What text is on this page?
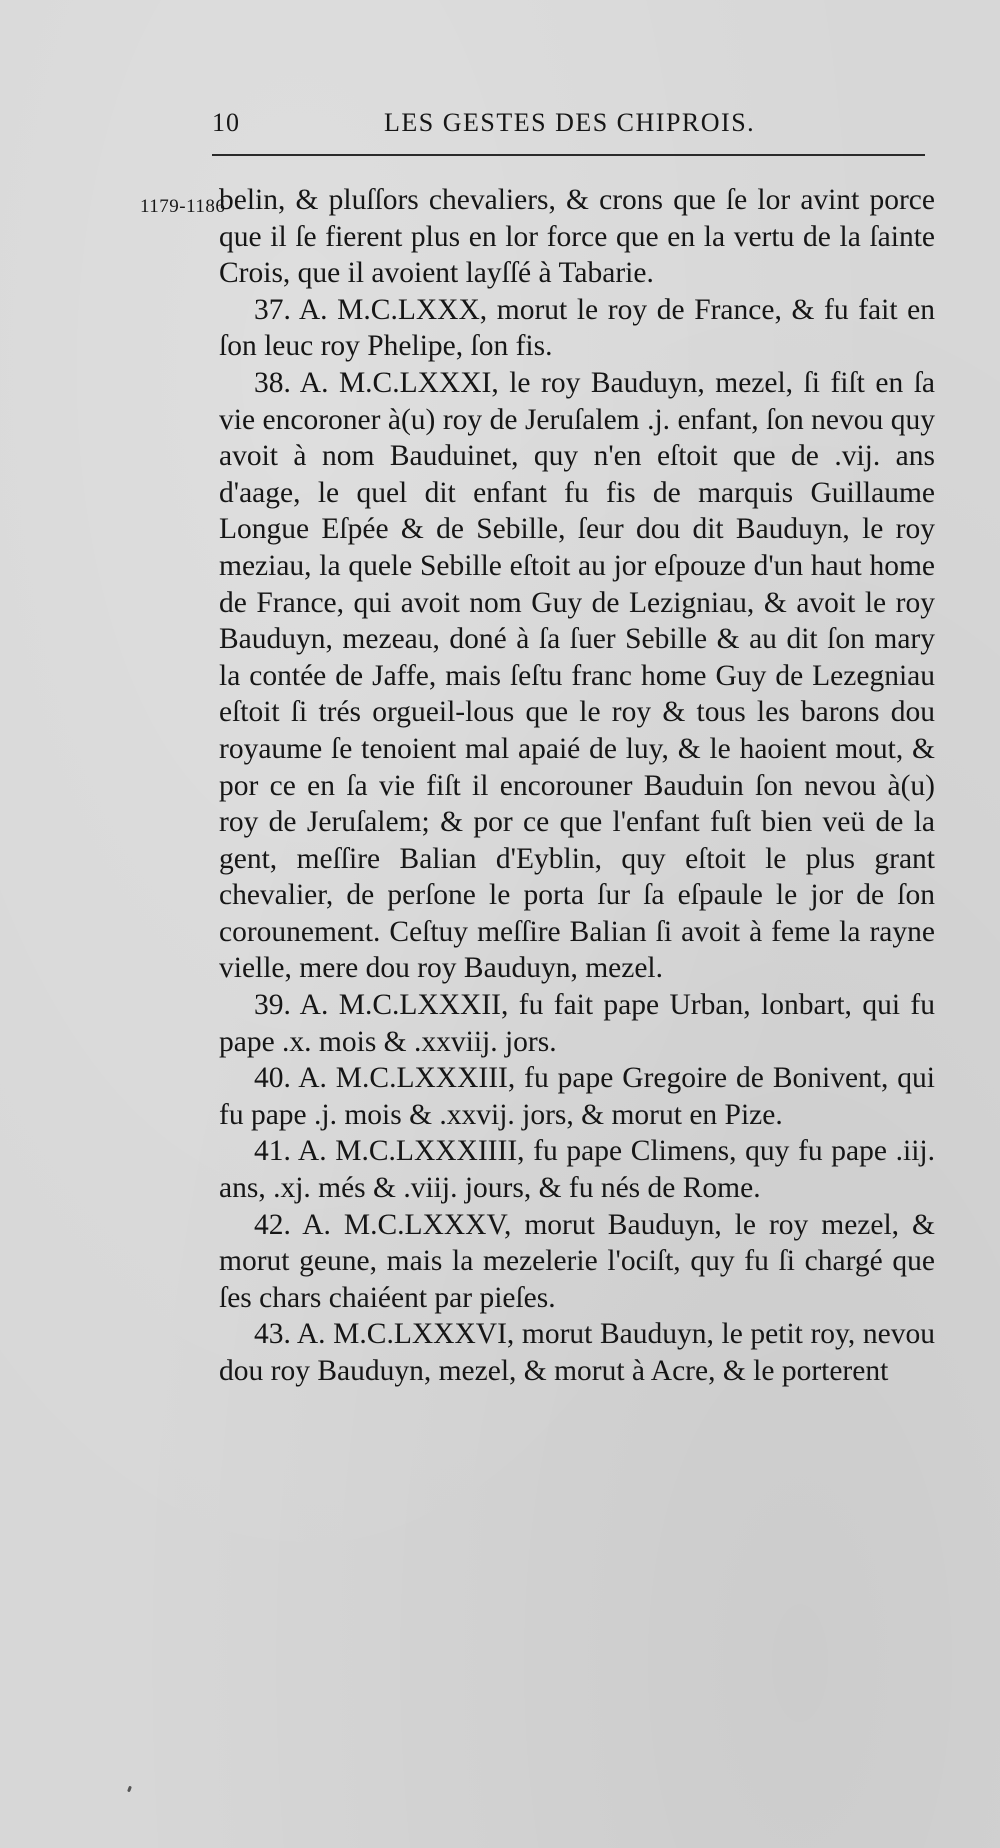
10	LES GESTES DES CHIPROIS.
1179-1186

belin, & pluſſors chevaliers, & crons que ſe lor avint porce que il ſe fierent plus en lor force que en la vertu de la ſainte Crois, que il avoient layſſé à Tabarie.

37. A. M.C.LXXX, morut le roy de France, & fu fait en ſon leuc roy Phelipe, ſon fis.

38. A. M.C.LXXXI, le roy Bauduyn, mezel, ſi fiſt en ſa vie encoroner à(u) roy de Jeruſalem .j. enfant, ſon nevou quy avoit à nom Bauduinet, quy n'en eſtoit que de .vij. ans d'aage, le quel dit enfant fu fis de marquis Guillaume Longue Eſpée & de Sebille, ſeur dou dit Bauduyn, le roy meziau, la quele Sebille eſtoit au jor eſpouze d'un haut home de France, qui avoit nom Guy de Lezigniau, & avoit le roy Bauduyn, mezeau, doné à ſa ſuer Sebille & au dit ſon mary la contée de Jaffe, mais ſeſtu franc home Guy de Lezegniau eſtoit ſi trés orgueil-lous que le roy & tous les barons dou royaume ſe tenoient mal apaié de luy, & le haoient mout, & por ce en ſa vie fiſt il encorouner Bauduin ſon nevou à(u) roy de Jeruſalem; & por ce que l'enfant fuſt bien veü de la gent, meſſire Balian d'Eyblin, quy eſtoit le plus grant chevalier, de perſone le porta ſur ſa eſpaule le jor de ſon corounement. Ceſtuy meſſire Balian ſi avoit à feme la rayne vielle, mere dou roy Bauduyn, mezel.

39. A. M.C.LXXXII, fu fait pape Urban, lonbart, qui fu pape .x. mois & .xxviij. jors.

40. A. M.C.LXXXIII, fu pape Gregoire de Bonivent, qui fu pape .j. mois & .xxvij. jors, & morut en Pize.

41. A. M.C.LXXXIIII, fu pape Climens, quy fu pape .iij. ans, .xj. més & .viij. jours, & fu nés de Rome.

42. A. M.C.LXXXV, morut Bauduyn, le roy mezel, & morut geune, mais la mezelerie l'ociſt, quy fu ſi chargé que ſes chars chaiéent par pieſes.

43. A. M.C.LXXXVI, morut Bauduyn, le petit roy, nevou dou roy Bauduyn, mezel, & morut à Acre, & le porterent
